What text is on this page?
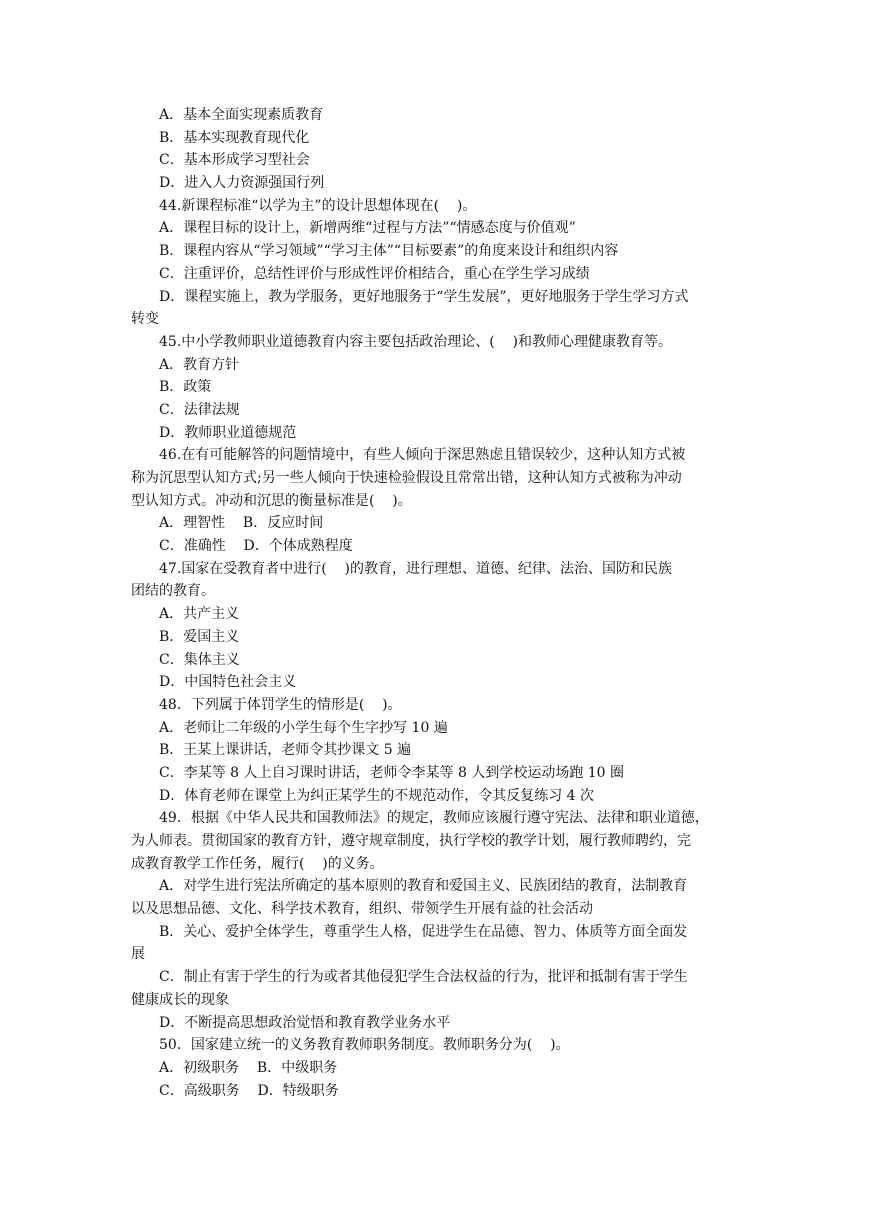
A．基本全面实现素质教育
B．基本实现教育现代化
C．基本形成学习型社会
D．进入人力资源强国行列
44.新课程标准“以学为主”的设计思想体现在(    )。
A．课程目标的设计上，新增两维“过程与方法”“情感态度与价值观”
B．课程内容从“学习领域”“学习主体”“目标要素”的角度来设计和组织内容
C．注重评价，总结性评价与形成性评价相结合，重心在学生学习成绩
D．课程实施上，教为学服务，更好地服务于“学生发展”，更好地服务于学生学习方式
转变
45.中小学教师职业道德教育内容主要包括政治理论、(    )和教师心理健康教育等。
A．教育方针
B．政策
C．法律法规
D．教师职业道德规范
46.在有可能解答的问题情境中，有些人倾向于深思熟虑且错误较少，这种认知方式被
称为沉思型认知方式;另一些人倾向于快速检验假设且常常出错，这种认知方式被称为冲动
型认知方式。冲动和沉思的衡量标准是(    )。
A．理智性    B．反应时间
C．准确性    D．个体成熟程度
47.国家在受教育者中进行(    )的教育，进行理想、道德、纪律、法治、国防和民族
团结的教育。
A．共产主义
B．爱国主义
C．集体主义
D．中国特色社会主义
48．下列属于体罚学生的情形是(    )。
A．老师让二年级的小学生每个生字抄写 10 遍
B．王某上课讲话，老师令其抄课文 5 遍
C．李某等 8 人上自习课时讲话，老师令李某等 8 人到学校运动场跑 10 圈
D．体育老师在课堂上为纠正某学生的不规范动作，令其反复练习 4 次
49．根据《中华人民共和国教师法》的规定，教师应该履行遵守宪法、法律和职业道德，
为人师表。贯彻国家的教育方针，遵守规章制度，执行学校的教学计划，履行教师聘约，完
成教育教学工作任务，履行(    )的义务。
A．对学生进行宪法所确定的基本原则的教育和爱国主义、民族团结的教育，法制教育
以及思想品德、文化、科学技术教育，组织、带领学生开展有益的社会活动
B．关心、爱护全体学生，尊重学生人格，促进学生在品德、智力、体质等方面全面发
展
C．制止有害于学生的行为或者其他侵犯学生合法权益的行为，批评和抵制有害于学生
健康成长的现象
D．不断提高思想政治觉悟和教育教学业务水平
50．国家建立统一的义务教育教师职务制度。教师职务分为(    )。
A．初级职务    B．中级职务
C．高级职务    D．特级职务
